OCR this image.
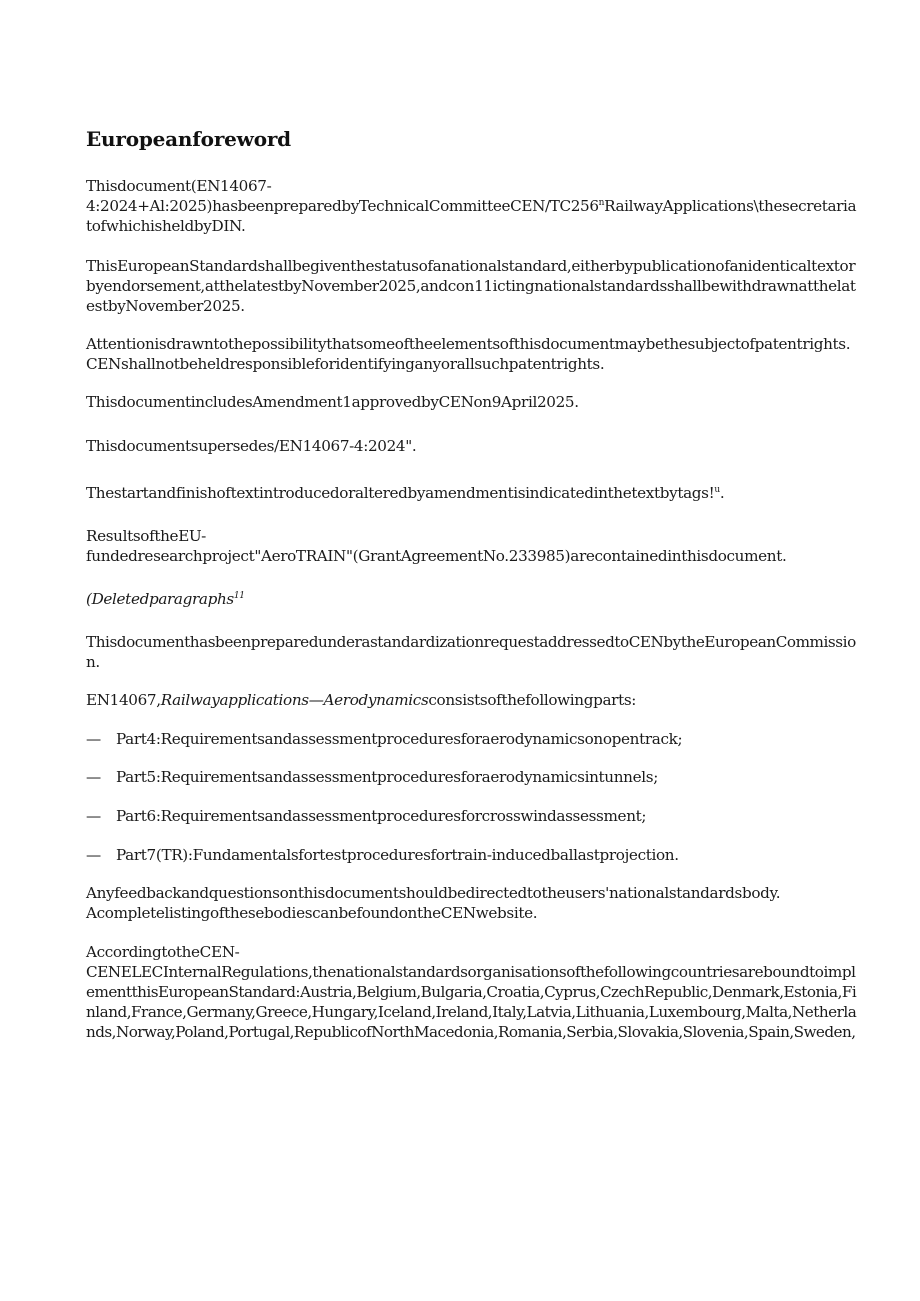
Europeanforeword
Thisdocument(EN14067-
$4:2024+Al:2025)hasbeenpreparedbyTechnicalCommitteeCEN/TC256^nRailwayApplications\backslash thesecretaria$
tofwhichisheldbyDIN.
ThisEuropeanStandardshallbegiventhestatusofanationalstandard,eitherbypublicationofanidenticaltextor
byendorsement,atthelatestbyNovember2025,andcon11ictingnationalstandardsshallbewithdrawnatthelat
estbyNovember2025.
Attentionisdrawntothepossibilitythatsomeoftheelementsofthisdocumentmaybethesubjectofpatentrights.
CENshallnotbeheldresponsibleforidentifyinganyorallsuchpatentrights.
ThisdocumentincludesAmendment1approvedbyCENon9April2025.
Thisdocumentsupersedes/EN14067-4:2024".
Thestartandfinishoftextintroducedoralteredbyamendmentisindicatedinthetextbytags!$^u$.
ResultsoftheEU-
fundedresearchproject"AeroTRAIN"(GrantAgreementNo.233985)arecontainedinthisdocument.
(Deletedparagraphs$^{11}$
ThisdocumenthasbeenpreparedunderastandardizationrequestaddressedtoCENbytheEuropeanCommissio
n.
EN14067,Railwayapplications—Aerodynamicsconsistsofthefollowingparts:
— Part4:Requirementsandassessmentproceduresforaerodynamicsonopentrack;
— Part5:Requirementsandassessmentproceduresforaerodynamicsintunnels;
— Part6:Requirementsandassessmentproceduresforcrosswindassessment;
— Part7(TR):Fundamentalsfortestproceduresfortrain-inducedballastprojection.
Anyfeedbackandquestionsonthisdocumentshouldbedirectedtotheusers'nationalstandardsbody.
AcompletelistingofthesebodiescanbefoundontheCENwebsite.
AccordingtotheCEN-
CENELECInternalRegulations,thenationalstandardsorganisationsofthefollowingcountriesareboundtoimpl
ementthisEuropeanStandard:Austria,Belgium,Bulgaria,Croatia,Cyprus,CzechRepublic,Denmark,Estonia,Fi
nland,France,Germany,Greece,Hungary,Iceland,Ireland,Italy,Latvia,Lithuania,Luxembourg,Malta,Netherla
nds,Norway,Poland,Portugal,RepublicofNorthMacedonia,Romania,Serbia,Slovakia,Slovenia,Spain,Sweden,
